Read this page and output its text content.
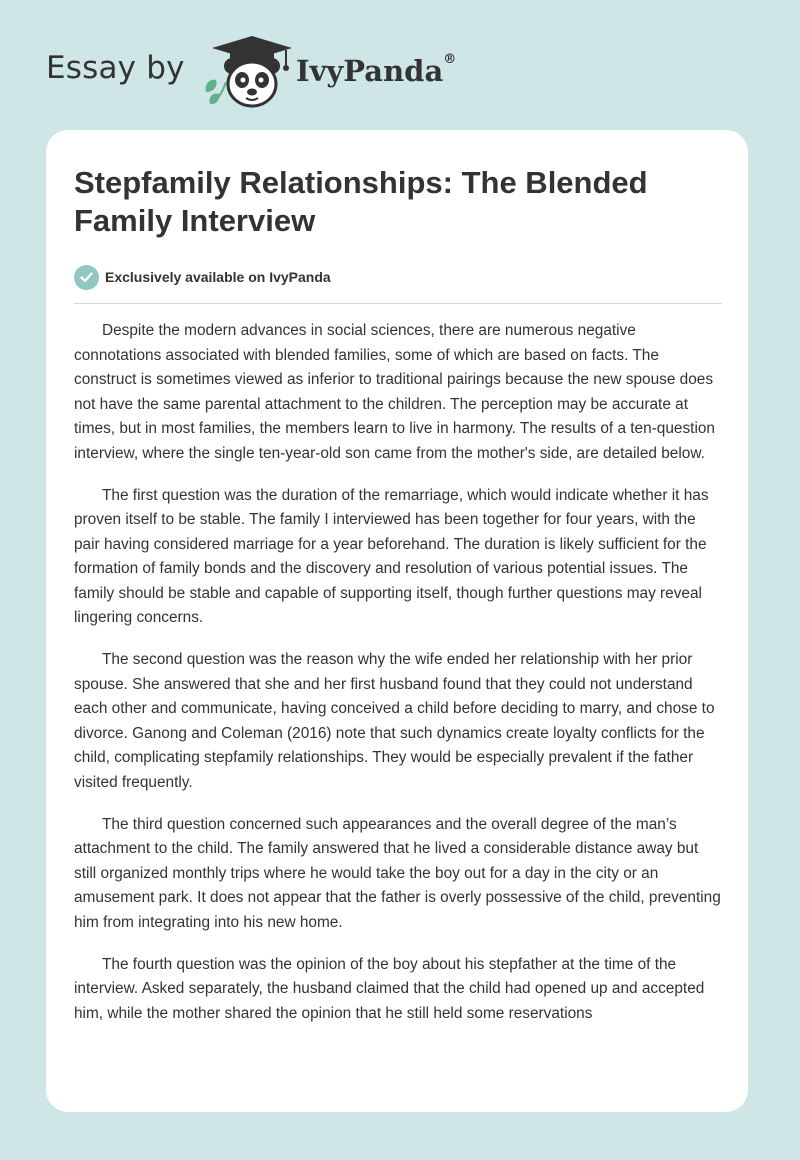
Essay by	IvyPanda®
Stepfamily Relationships: The Blended Family Interview
Exclusively available on IvyPanda

Despite the modern advances in social sciences, there are numerous negative connotations associated with blended families, some of which are based on facts. The construct is sometimes viewed as inferior to traditional pairings because the new spouse does not have the same parental attachment to the children. The perception may be accurate at times, but in most families, the members learn to live in harmony. The results of a ten-question interview, where the single ten-year-old son came from the mother's side, are detailed below.

The first question was the duration of the remarriage, which would indicate whether it has proven itself to be stable. The family I interviewed has been together for four years, with the pair having considered marriage for a year beforehand. The duration is likely sufficient for the formation of family bonds and the discovery and resolution of various potential issues. The family should be stable and capable of supporting itself, though further questions may reveal lingering concerns.

The second question was the reason why the wife ended her relationship with her prior spouse. She answered that she and her first husband found that they could not understand each other and communicate, having conceived a child before deciding to marry, and chose to divorce. Ganong and Coleman (2016) note that such dynamics create loyalty conflicts for the child, complicating stepfamily relationships. They would be especially prevalent if the father visited frequently.

The third question concerned such appearances and the overall degree of the man’s attachment to the child. The family answered that he lived a considerable distance away but still organized monthly trips where he would take the boy out for a day in the city or an amusement park. It does not appear that the father is overly possessive of the child, preventing him from integrating into his new home.

The fourth question was the opinion of the boy about his stepfather at the time of the interview. Asked separately, the husband claimed that the child had opened up and accepted him, while the mother shared the opinion that he still held some reservations
